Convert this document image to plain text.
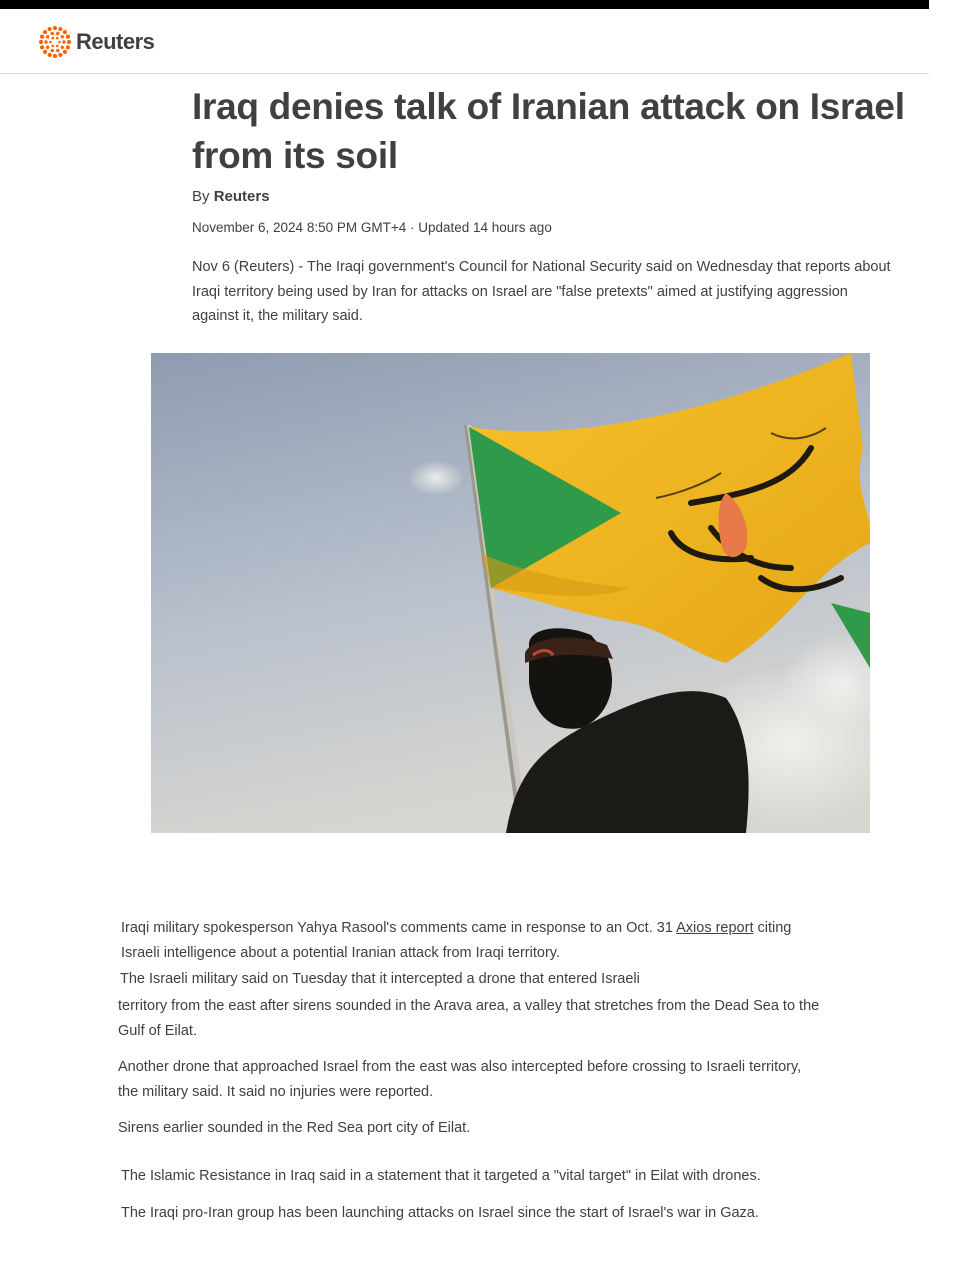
Reuters
Iraq denies talk of Iranian attack on Israel from its soil
By Reuters
November 6, 2024 8:50 PM GMT+4 · Updated 14 hours ago

Nov 6 (Reuters) - The Iraqi government's Council for National Security said on Wednesday that reports about Iraqi territory being used by Iran for attacks on Israel are "false pretexts" aimed at justifying aggression against it, the military said.

Iraqi military spokesperson Yahya Rasool's comments came in response to an Oct. 31 Axios report citing Israeli intelligence about a potential Iranian attack from Iraqi territory.

The Israeli military said on Tuesday that it intercepted a drone that entered Israeli

territory from the east after sirens sounded in the Arava area, a valley that stretches from the Dead Sea to the Gulf of Eilat.

Another drone that approached Israel from the east was also intercepted before crossing to Israeli territory, the military said. It said no injuries were reported.

Sirens earlier sounded in the Red Sea port city of Eilat.

The Islamic Resistance in Iraq said in a statement that it targeted a "vital target" in Eilat with drones.

The Iraqi pro-Iran group has been launching attacks on Israel since the start of Israel's war in Gaza.
